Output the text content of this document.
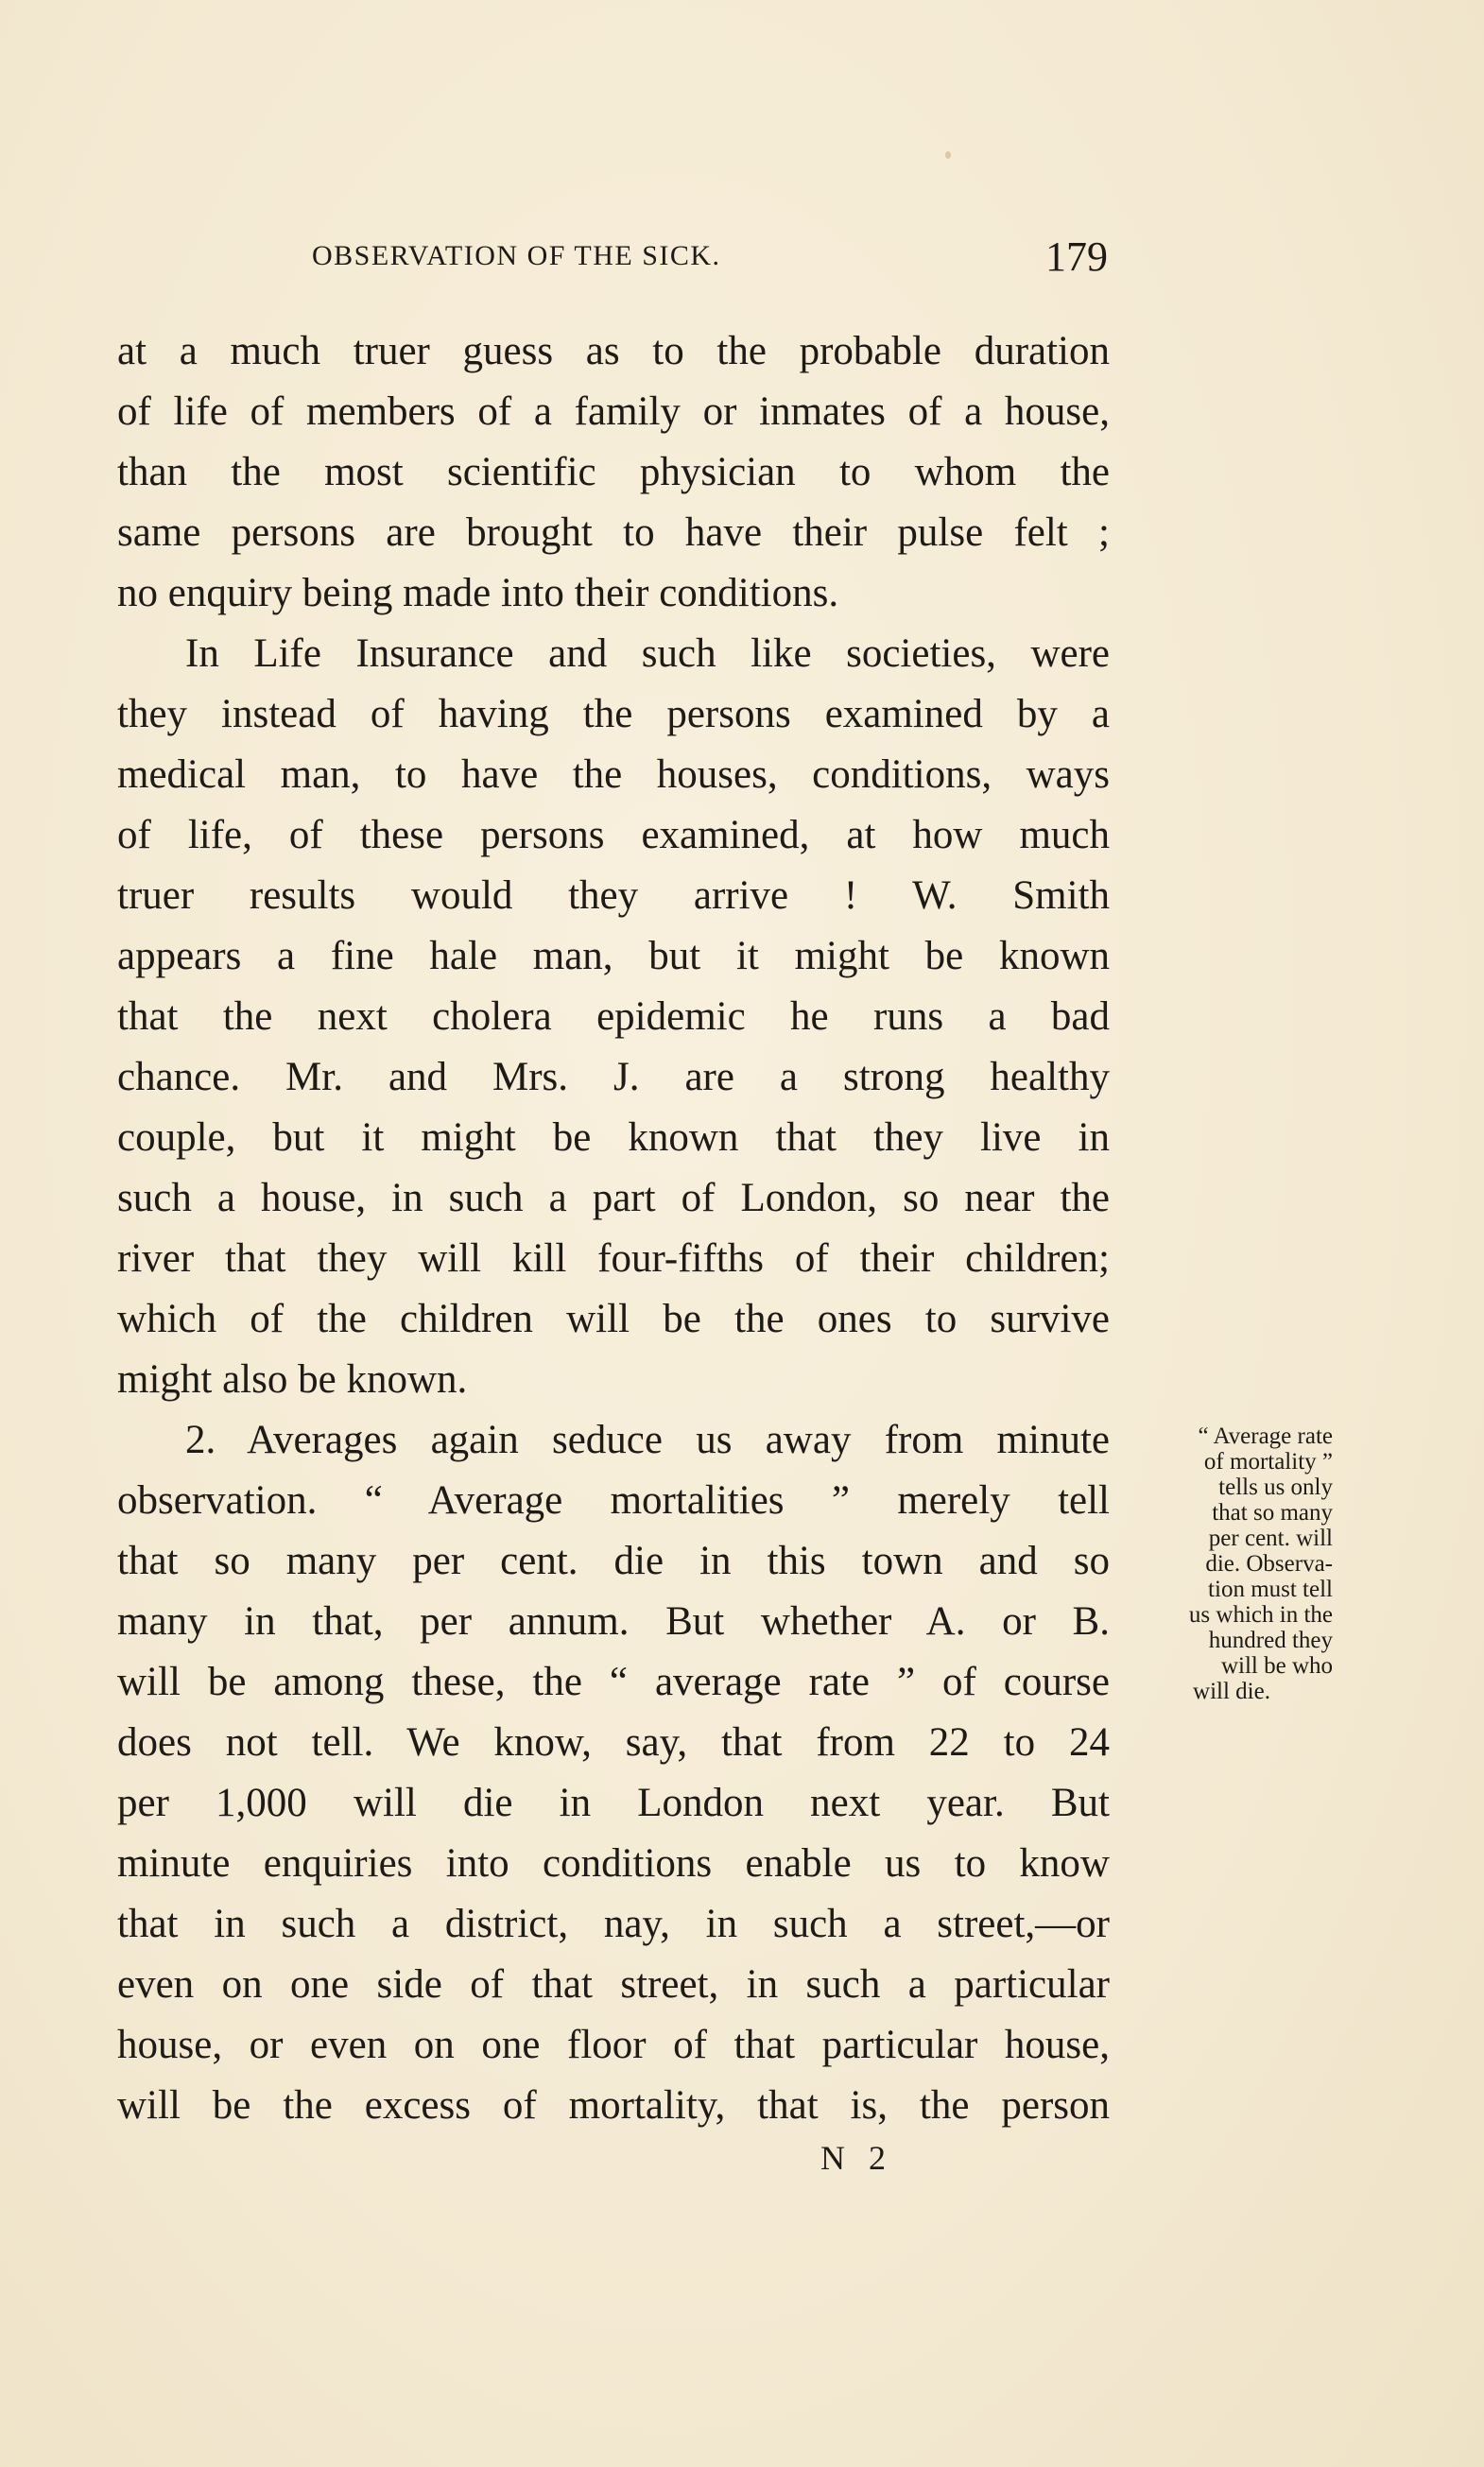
OBSERVATION OF THE SICK.	179
at a much truer guess as to the probable duration
of life of members of a family or inmates of a house,
than the most scientific physician to whom the
same persons are brought to have their pulse felt ;
no enquiry being made into their conditions.
In Life Insurance and such like societies, were
they instead of having the persons examined by a
medical man, to have the houses, conditions, ways
of life, of these persons examined, at how much
truer results would they arrive ! W. Smith
appears a fine hale man, but it might be known
that the next cholera epidemic he runs a bad
chance. Mr. and Mrs. J. are a strong healthy
couple, but it might be known that they live in
such a house, in such a part of London, so near the
river that they will kill four-fifths of their children;
which of the children will be the ones to survive
might also be known.
2. Averages again seduce us away from minute
observation. “ Average mortalities ” merely tell
that so many per cent. die in this town and so
many in that, per annum. But whether A. or B.
will be among these, the “ average rate ” of course
does not tell. We know, say, that from 22 to 24
per 1,000 will die in London next year. But
minute enquiries into conditions enable us to know
that in such a district, nay, in such a street,—or
even on one side of that street, in such a particular
house, or even on one floor of that particular house,
will be the excess of mortality, that is, the person
“ Average rate
of mortality ”
tells us only
that so many
per cent. will
die. Observa-
tion must tell
us which in the
hundred they
will be who
will die.
N 2
